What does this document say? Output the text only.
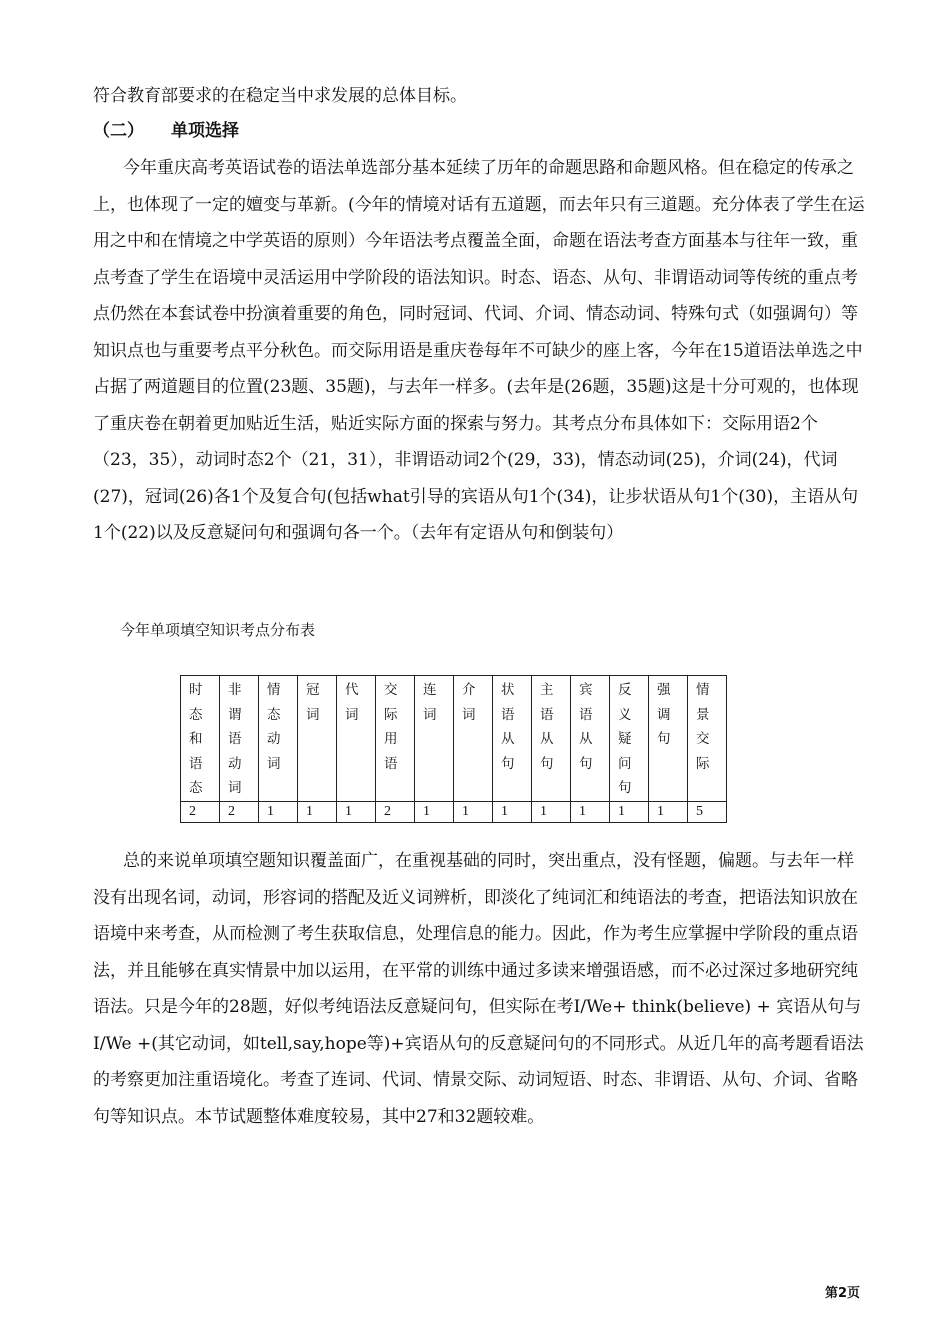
符合教育部要求的在稳定当中求发展的总体目标。

（二） 单项选择

今年重庆高考英语试卷的语法单选部分基本延续了历年的命题思路和命题风格。但在稳定的传承之上，也体现了一定的嬗变与革新。(今年的情境对话有五道题，而去年只有三道题。充分体表了学生在运用之中和在情境之中学英语的原则）今年语法考点覆盖全面，命题在语法考查方面基本与往年一致，重点考查了学生在语境中灵活运用中学阶段的语法知识。时态、语态、从句、非谓语动词等传统的重点考点仍然在本套试卷中扮演着重要的角色，同时冠词、代词、介词、情态动词、特殊句式（如强调句）等知识点也与重要考点平分秋色。而交际用语是重庆卷每年不可缺少的座上客，今年在15道语法单选之中占据了两道题目的位置(23题、35题)，与去年一样多。(去年是(26题，35题)这是十分可观的，也体现了重庆卷在朝着更加贴近生活，贴近实际方面的探索与努力。其考点分布具体如下：交际用语2个（23，35），动词时态2个（21，31），非谓语动词2个(29，33)，情态动词(25)，介词(24)，代词(27)，冠词(26)各1个及复合句(包括what引导的宾语从句1个(34)，让步状语从句1个(30)，主语从句1个(22)以及反意疑问句和强调句各一个。（去年有定语从句和倒装句）

今年单项填空知识考点分布表

时态和语态	非谓语动词	情态动词	冠词	代词	交际用语	连词	介词	状语从句	主语从句	宾语从句	反义疑问句	强调句	情景交际

2	2	1	1	1	2	1	1	1	1	1	1	1	5

总的来说单项填空题知识覆盖面广，在重视基础的同时，突出重点，没有怪题，偏题。与去年一样没有出现名词，动词，形容词的搭配及近义词辨析，即淡化了纯词汇和纯语法的考查，把语法知识放在语境中来考查，从而检测了考生获取信息，处理信息的能力。因此，作为考生应掌握中学阶段的重点语法，并且能够在真实情景中加以运用，在平常的训练中通过多读来增强语感，而不必过深过多地研究纯语法。只是今年的28题，好似考纯语法反意疑问句，但实际在考I/We+ think(believe) + 宾语从句与I/We +(其它动词，如tell,say,hope等)+宾语从句的反意疑问句的不同形式。从近几年的高考题看语法的考察更加注重语境化。考查了连词、代词、情景交际、动词短语、时态、非谓语、从句、介词、省略句等知识点。本节试题整体难度较易，其中27和32题较难。

第2页
